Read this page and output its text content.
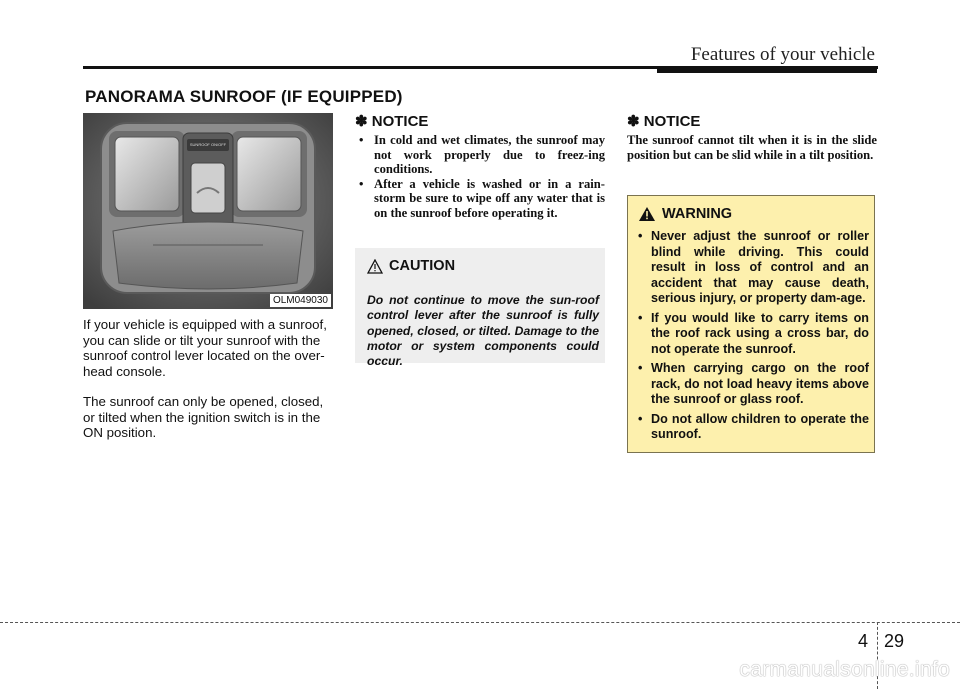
Features of your vehicle
PANORAMA SUNROOF (IF EQUIPPED)
SUNROOF ON/OFF
OLM049030

If your vehicle is equipped with a sunroof, you can slide or tilt your sunroof with the sunroof control lever located on the over-head console.

The sunroof can only be opened, closed, or tilted when the ignition switch is in the ON position.

✽ NOTICE
• In cold and wet climates, the sunroof may not work properly due to freez-ing conditions.
• After a vehicle is washed or in a rain-storm be sure to wipe off any water that is on the sunroof before operating it.
CAUTION

Do not continue to move the sun-roof control lever after the sunroof is fully opened, closed, or tilted. Damage to the motor or system components could occur.

✽ NOTICE

The sunroof cannot tilt when it is in the slide position but can be slid while in a tilt position.

WARNING
• Never adjust the sunroof or roller blind while driving. This could result in loss of control and an accident that may cause death, serious injury, or property dam-age.
• If you would like to carry items on the roof rack using a cross bar, do not operate the sunroof.
• When carrying cargo on the roof rack, do not load heavy items above the sunroof or glass roof.
• Do not allow children to operate the sunroof.
4 29
carmanualsonline.info
